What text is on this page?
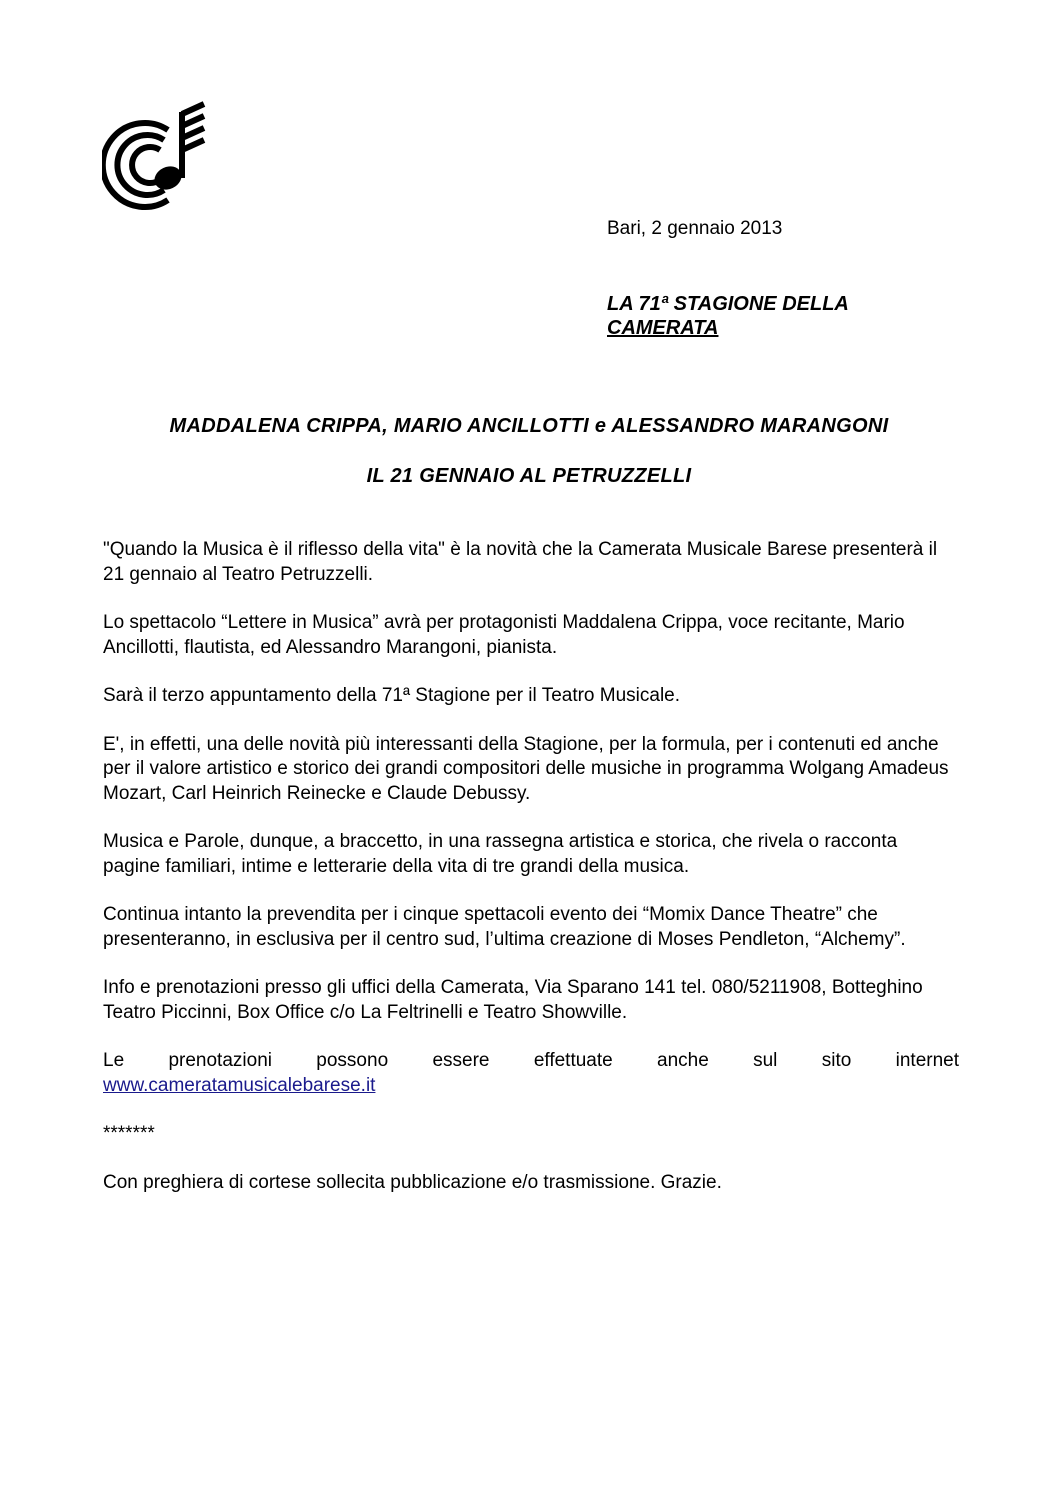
Bari, 2 gennaio 2013
LA 71ª STAGIONE DELLA
CAMERATA
MADDALENA CRIPPA, MARIO ANCILLOTTI e ALESSANDRO MARANGONI
IL 21 GENNAIO AL PETRUZZELLI

"Quando la Musica è il riflesso della vita" è la novità che la Camerata Musicale Barese presenterà il 21 gennaio al Teatro Petruzzelli.

Lo spettacolo “Lettere in Musica” avrà per protagonisti Maddalena Crippa, voce recitante, Mario Ancillotti, flautista, ed Alessandro Marangoni, pianista.

Sarà il terzo appuntamento della 71ª Stagione per il Teatro Musicale.

E', in effetti, una delle novità più interessanti della Stagione, per la formula, per i contenuti ed anche per il valore artistico e storico dei grandi compositori delle musiche in programma Wolgang Amadeus Mozart, Carl Heinrich Reinecke e Claude Debussy.

Musica e Parole, dunque, a braccetto, in una rassegna artistica e storica, che rivela o racconta pagine familiari, intime e letterarie della vita di tre grandi della musica.

Continua intanto la prevendita per i cinque spettacoli evento dei “Momix Dance Theatre” che presenteranno, in esclusiva per il centro sud, l’ultima creazione di Moses Pendleton, “Alchemy”.

Info e prenotazioni presso gli uffici della Camerata, Via Sparano 141 tel. 080/5211908, Botteghino Teatro Piccinni, Box Office c/o La Feltrinelli e Teatro Showville.

Le prenotazioni possono essere effettuate anche sul sito internet

www.cameratamusicalebarese.it

*******

Con preghiera di cortese sollecita pubblicazione e/o trasmissione. Grazie.
